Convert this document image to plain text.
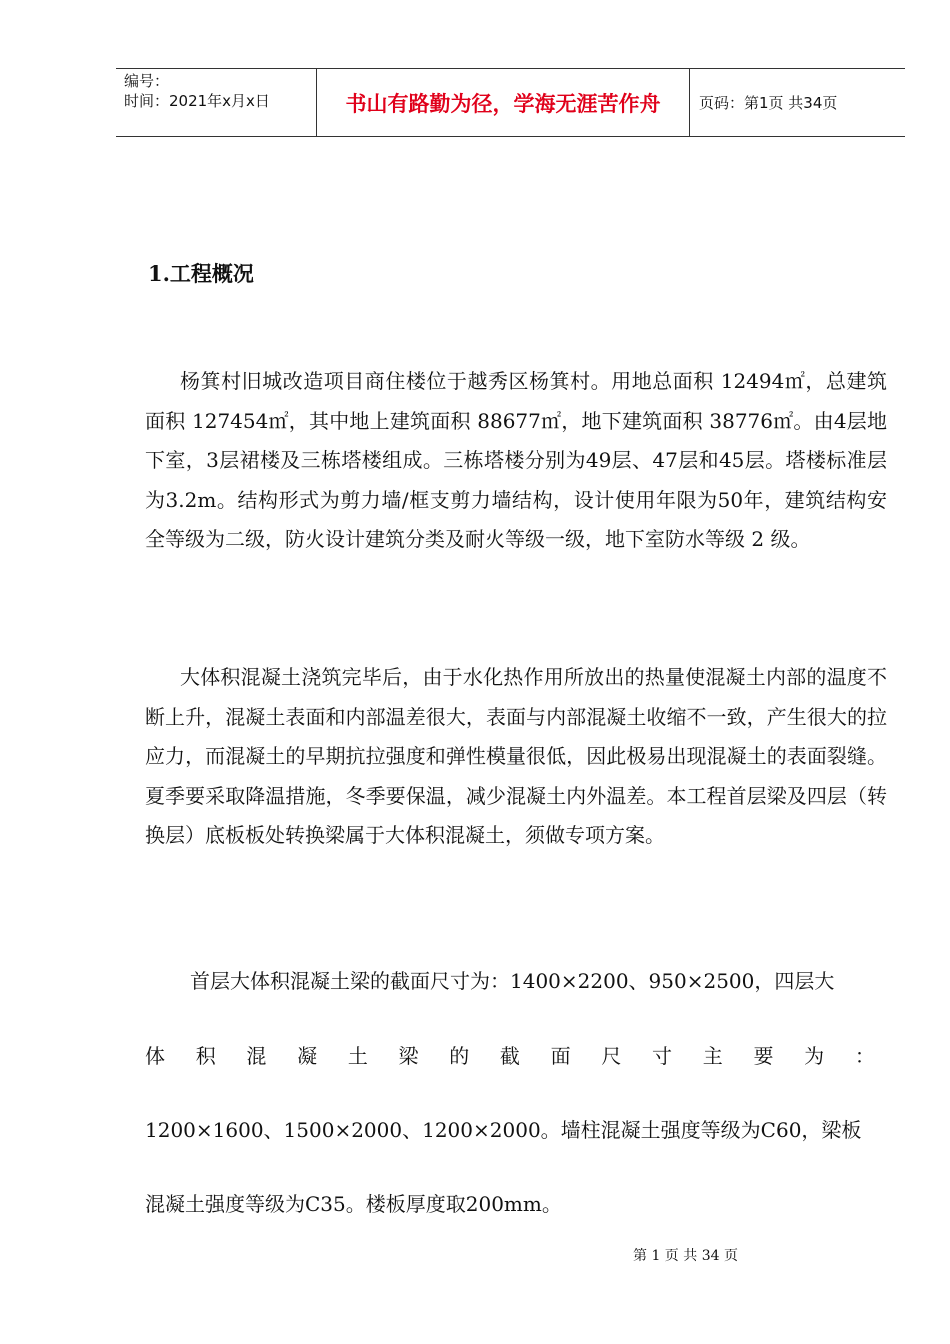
编号：
时间：2021年x月x日	书山有路勤为径，学海无涯苦作舟	页码：第1页 共34页
1.工程概况

杨箕村旧城改造项目商住楼位于越秀区杨箕村。用地总面积 12494㎡，总建筑面积 127454㎡，其中地上建筑面积 88677㎡，地下建筑面积 38776㎡。由4层地下室，3层裙楼及三栋塔楼组成。三栋塔楼分别为49层、47层和45层。塔楼标准层为3.2m。结构形式为剪力墙/框支剪力墙结构，设计使用年限为50年，建筑结构安全等级为二级，防火设计建筑分类及耐火等级一级，地下室防水等级 2 级。

大体积混凝土浇筑完毕后，由于水化热作用所放出的热量使混凝土内部的温度不断上升，混凝土表面和内部温差很大，表面与内部混凝土收缩不一致，产生很大的拉应力，而混凝土的早期抗拉强度和弹性模量很低，因此极易出现混凝土的表面裂缝。夏季要采取降温措施，冬季要保温，减少混凝土内外温差。本工程首层梁及四层（转换层）底板板处转换梁属于大体积混凝土，须做专项方案。

首层大体积混凝土梁的截面尺寸为：1400×2200、950×2500，四层大
体 积 混 凝 土 梁 的 截 面 尺 寸 主 要 为 ：
1200×1600、1500×2000、1200×2000。墙柱混凝土强度等级为C60，梁板
混凝土强度等级为C35。楼板厚度取200mm。
第 1 页 共 34 页
